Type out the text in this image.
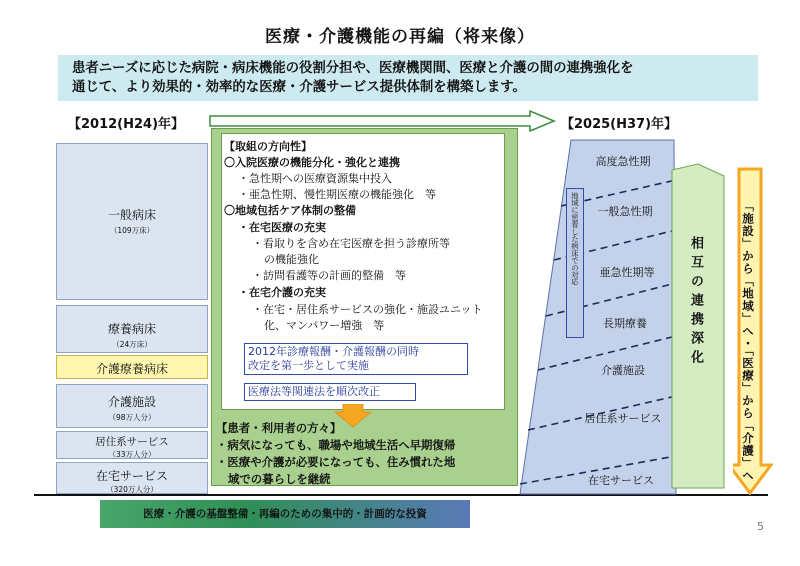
医療・介護機能の再編（将来像）
患者ニーズに応じた病院・病床機能の役割分担や、医療機関間、医療と介護の間の連携強化を
通じて、より効果的・効率的な医療・介護サービス提供体制を構築します。
【2012(H24)年】	【2025(H37)年】
一般病床
（109万床）
療養病床
（24万床）
介護療養病床
介護施設
（98万人分）
居住系サービス
（33万人分）
在宅サービス
（320万人分）
【取組の方向性】
〇入院医療の機能分化・強化と連携
・急性期への医療資源集中投入
・亜急性期、慢性期医療の機能強化　等
〇地域包括ケア体制の整備
・在宅医療の充実
・看取りを含め在宅医療を担う診療所等
の機能強化
・訪問看護等の計画的整備　等
・在宅介護の充実
・在宅・居住系サービスの強化・施設ユニット
化、マンパワー増強　等
2012年診療報酬・介護報酬の同時
改定を第一歩として実施
医療法等関連法を順次改正
【患者・利用者の方々】
・病気になっても、職場や地域生活へ早期復帰
・医療や介護が必要になっても、住み慣れた地
域での暮らしを継続
医療・介護の基盤整備・再編のための集中的・計画的な投資
高度急性期
一般急性期
亜急性期等
長期療養
介護施設
居住系サービス
在宅サービス
地域に密着した病床での対応	相互の連携深化	「施設」から「地域」へ・「医療」から「介護」へ
5
